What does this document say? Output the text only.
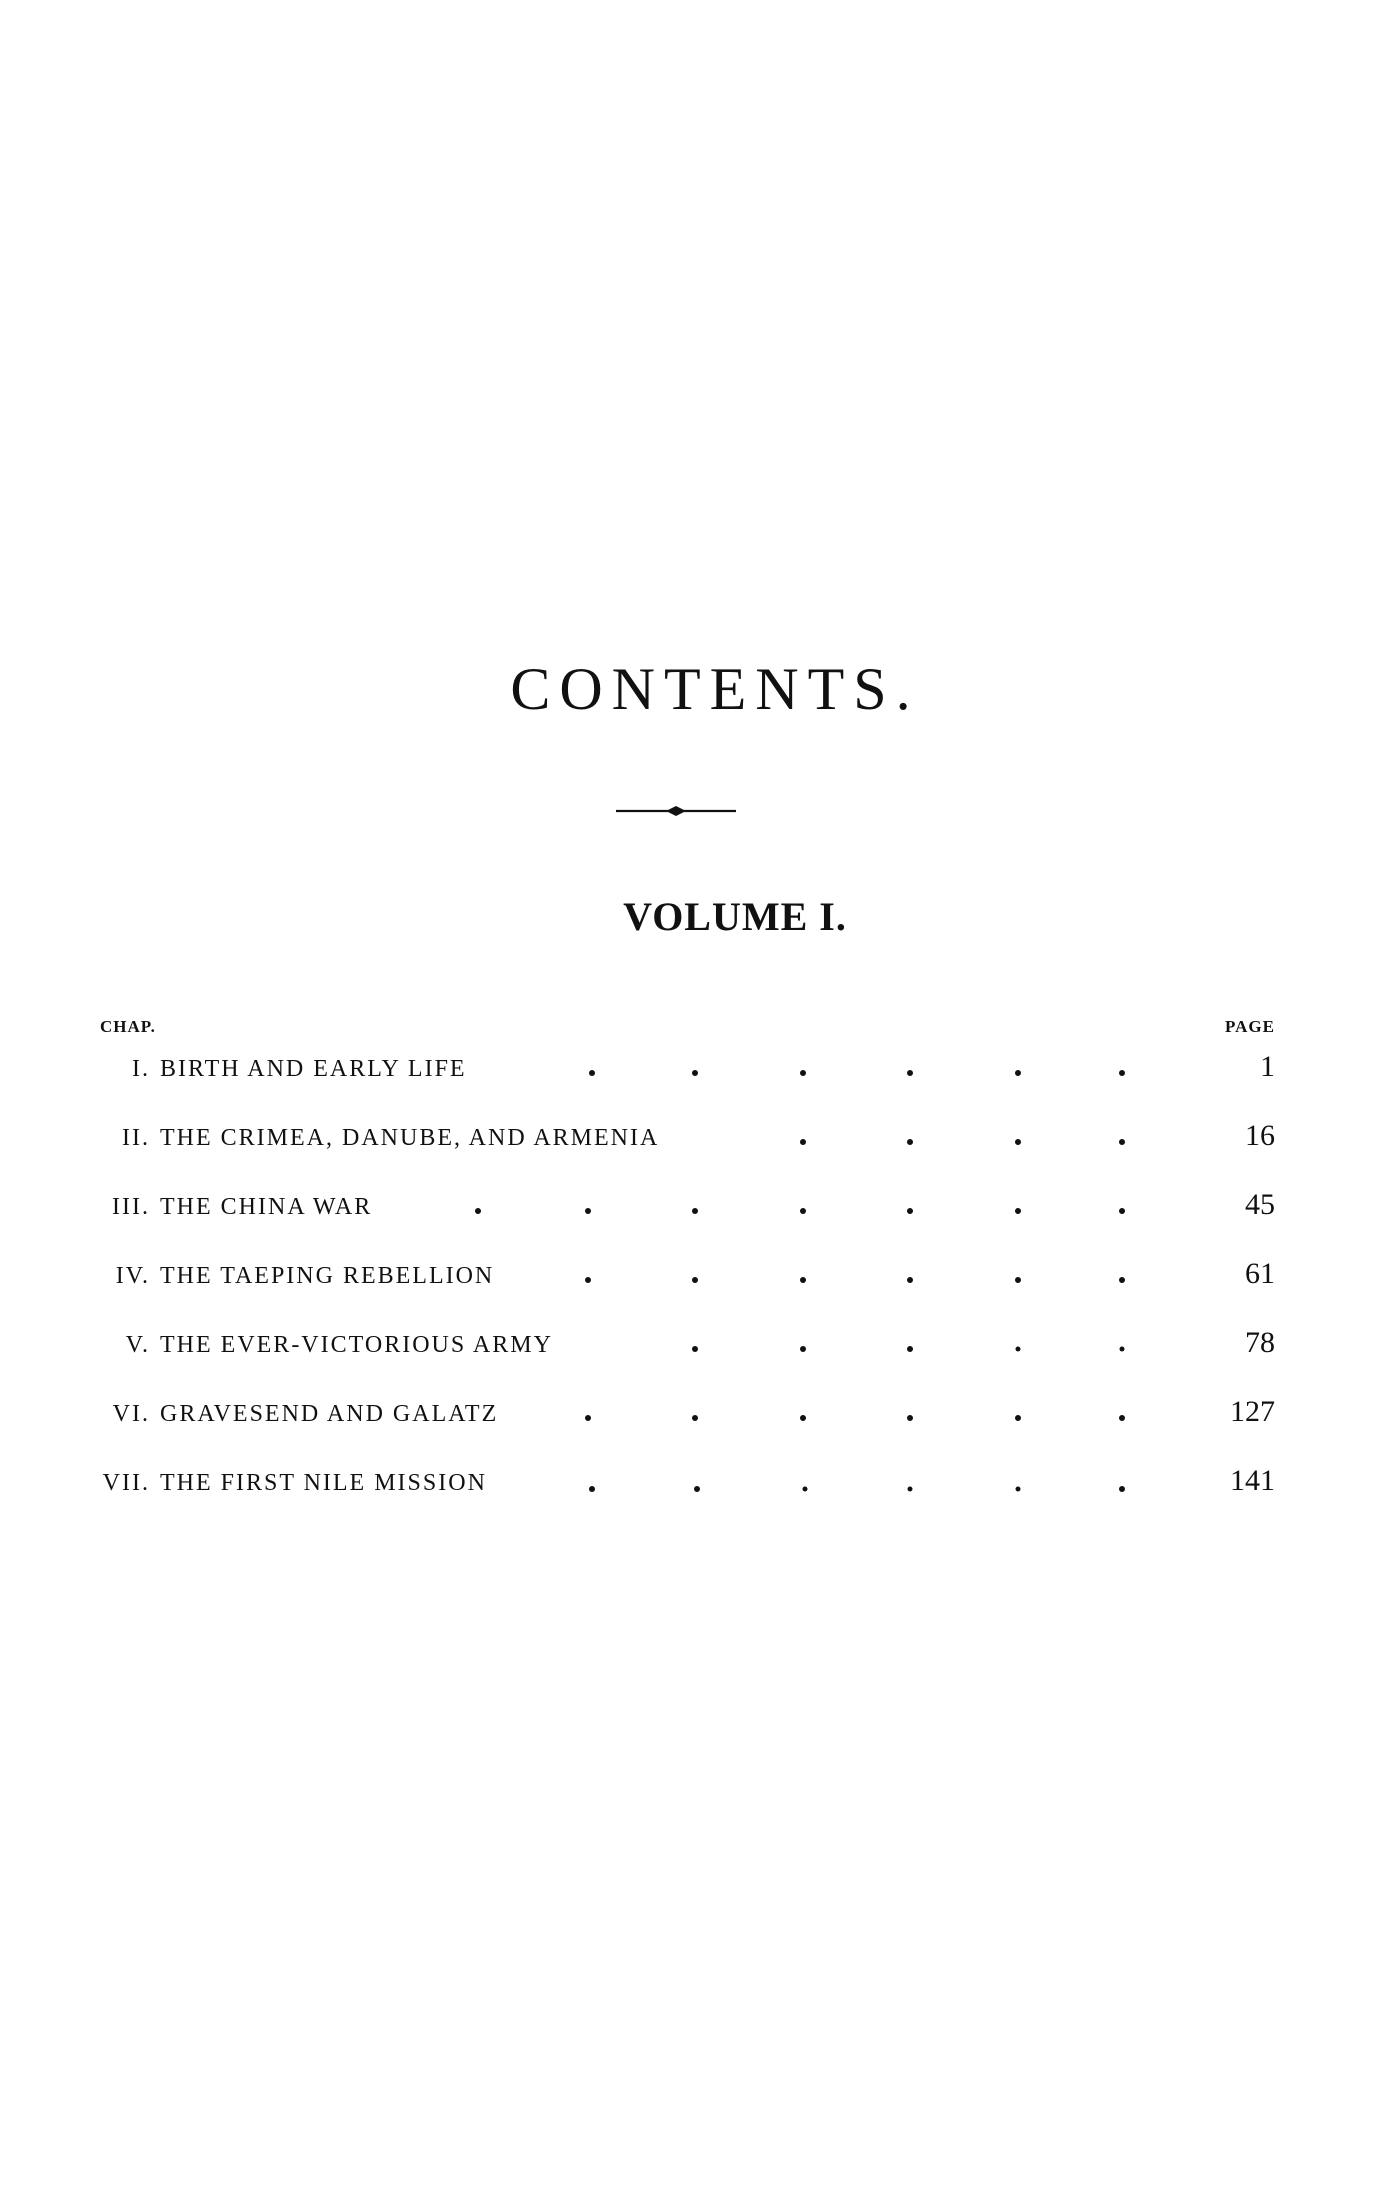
CONTENTS.
VOLUME I.
CHAP.	PAGE
I. BIRTH AND EARLY LIFE	1
II. THE CRIMEA, DANUBE, AND ARMENIA	16
III. THE CHINA WAR	45
IV. THE TAEPING REBELLION	61
V. THE EVER-VICTORIOUS ARMY	78
VI. GRAVESEND AND GALATZ	127
VII. THE FIRST NILE MISSION	141
